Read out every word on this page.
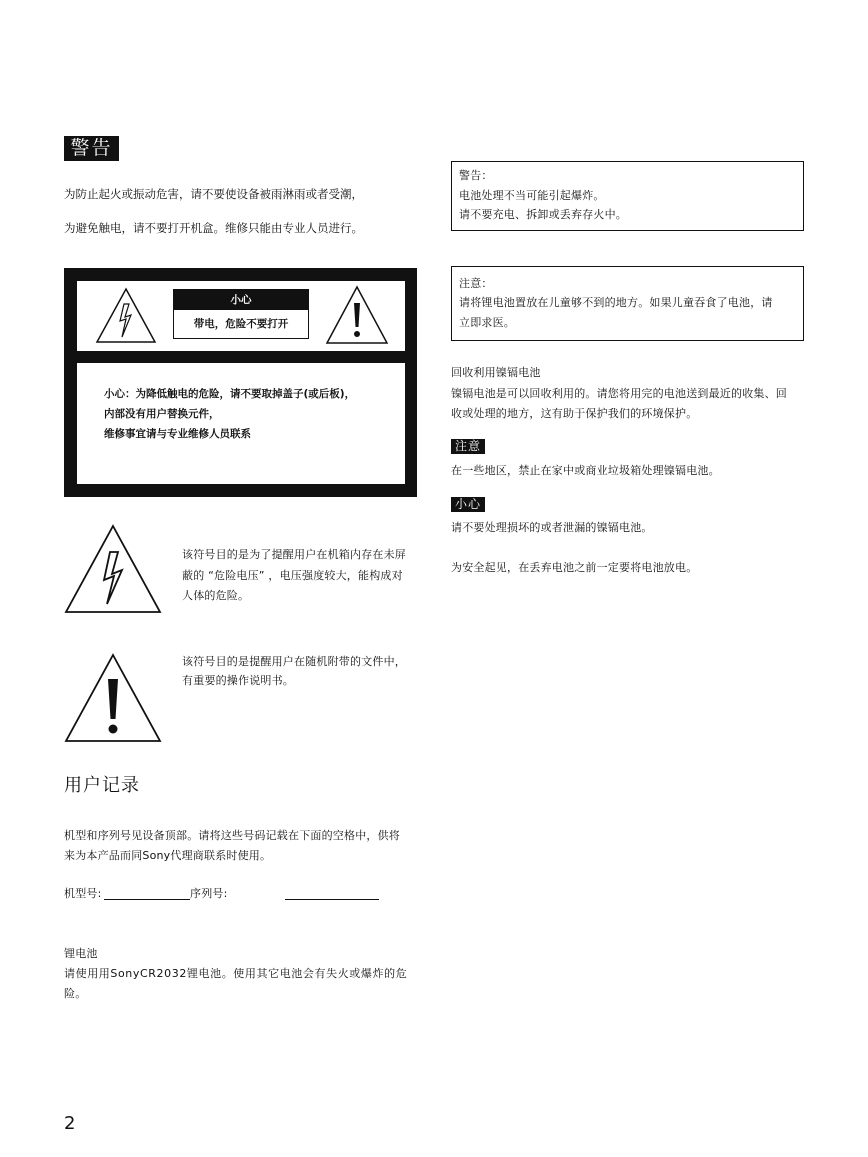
警告
为防止起火或振动危害，请不要使设备被雨淋雨或者受潮，
为避免触电，请不要打开机盒。维修只能由专业人员进行。
小心
带电，危险不要打开
小心：为降低触电的危险，请不要取掉盖子(或后板)，
内部没有用户替换元件，
维修事宜请与专业维修人员联系
该符号目的是为了提醒用户在机箱内存在未屏
蔽的 “危险电压” ，电压强度较大，能构成对
人体的危险。
该符号目的是提醒用户在随机附带的文件中，
有重要的操作说明书。
用户记录
机型和序列号见设备顶部。请将这些号码记载在下面的空格中，供将
来为本产品而同Sony代理商联系时使用。
机型号:	序列号:
锂电池
请使用用SonyCR2032锂电池。使用其它电池会有失火或爆炸的危
险。
2
警告：
电池处理不当可能引起爆炸。
请不要充电、拆卸或丢弃存火中。
注意：
请将锂电池置放在儿童够不到的地方。如果儿童吞食了电池，请
立即求医。
回收利用镍镉电池
镍镉电池是可以回收利用的。请您将用完的电池送到最近的收集、回
收或处理的地方，这有助于保护我们的环境保护。
注意
在一些地区，禁止在家中或商业垃圾箱处理镍镉电池。
小心
请不要处理损坏的或者泄漏的镍镉电池。
为安全起见，在丢弃电池之前一定要将电池放电。
